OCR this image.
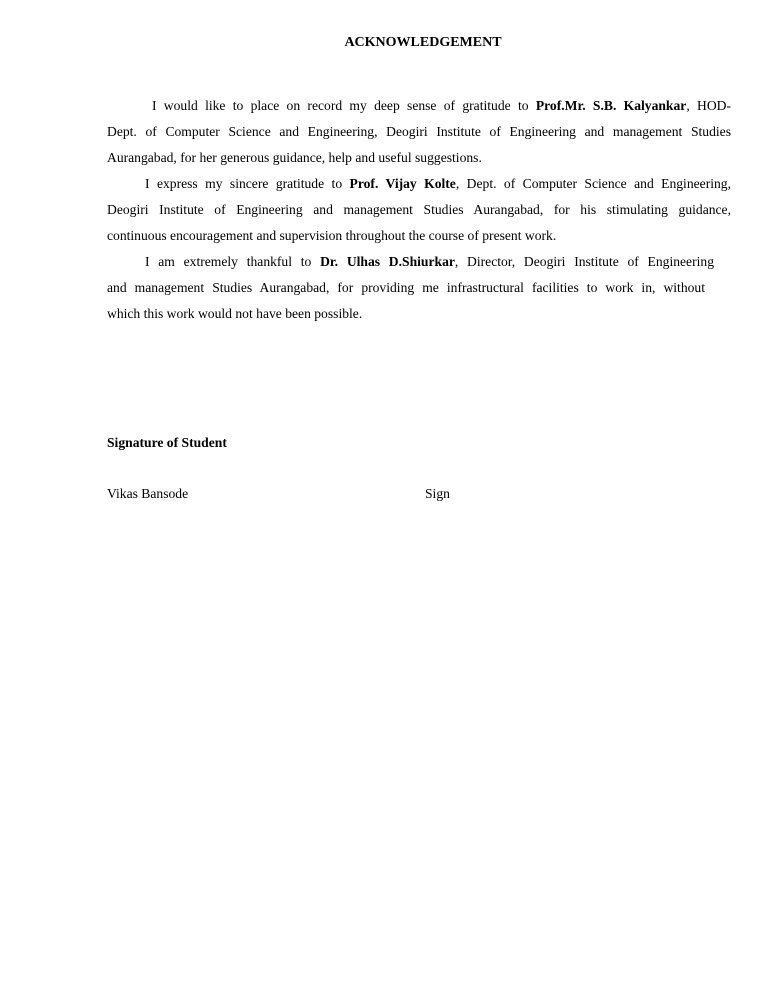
ACKNOWLEDGEMENT
I would like to place on record my deep sense of gratitude to Prof.Mr. S.B. Kalyankar, HOD-
Dept. of Computer Science and Engineering, Deogiri Institute of Engineering and management Studies
Aurangabad, for her generous guidance, help and useful suggestions.
I express my sincere gratitude to Prof. Vijay Kolte, Dept. of Computer Science and Engineering,
Deogiri Institute of Engineering and management Studies Aurangabad, for his stimulating guidance,
continuous encouragement and supervision throughout the course of present work.
I am extremely thankful to Dr. Ulhas D.Shiurkar, Director, Deogiri Institute of Engineering
and management Studies Aurangabad, for providing me infrastructural facilities to work in, without
which this work would not have been possible.
Signature of Student
Vikas Bansode	Sign
